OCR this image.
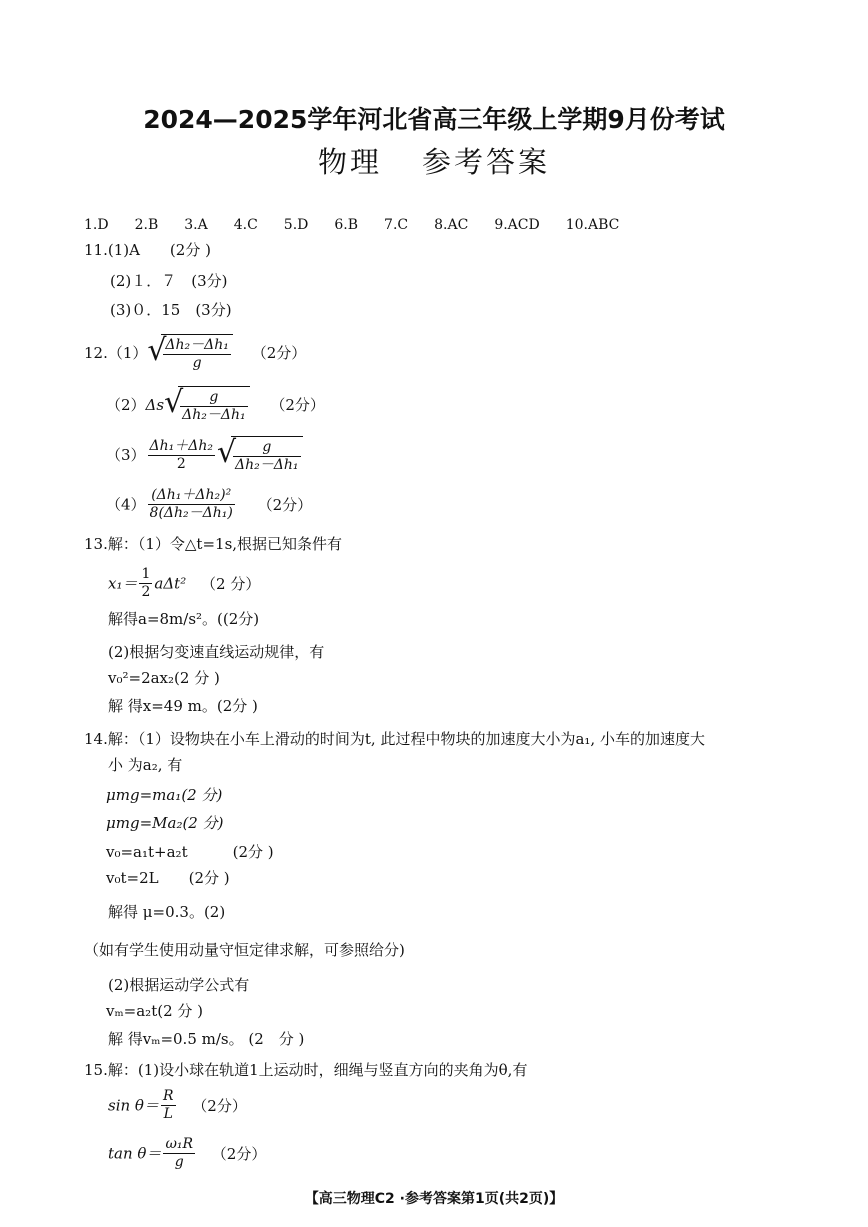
2024—2025学年河北省高三年级上学期9月份考试
物理 参考答案
1.D 2.B 3.A 4.C 5.D 6.B 7.C 8.AC 9.ACD 10.ABC
11.(1)A　　(2分 )
(2)１．７　(3分)
(3)０．15　(3分)
12.（1） √
$\frac{\text{Δh₂－Δh₁}}{g} (2$分）
（2）Δs √
$\frac{g}{\text{Δh₂－Δh₁}} (2$分）
$(3) \frac{\text{Δh₁＋Δh₂}}{2}$ √
$\frac{g}{\text{Δh₂－Δh₁}}$
$(4) \frac{\text{(Δh₁＋Δh₂)²}}{\text{8(Δh₂－Δh₁)}} (2$分）
13.解：（1）令△t=1s,根据已知条件有
$x_1= \frac{1}{2} a\Delta t^2$ （2 分）
解得a=8m/s²。((2分)
(2)根据匀变速直线运动规律，有
v₀²=2ax₂(2 分 )
解 得x=49 m。(2分 )
14.解：（1）设物块在小车上滑动的时间为t, 此过程中物块的加速度大小为a₁, 小车的加速度大
小 为a₂, 有
μmg=ma₁(2 分)
μmg=Ma₂(2 分)
v₀=a₁t+a₂t　　　(2分 )
v₀t=2L　　(2分 )
解得 μ=0.3。(2)
（如有学生使用动量守恒定律求解，可参照给分)
(2)根据运动学公式有
vₘ=a₂t(2 分 )
解 得vₘ=0.5 m/s。 (2　分 )
15.解：(1)设小球在轨道1上运动时，细绳与竖直方向的夹角为θ,有
$\sin \theta= \frac{R}{L} (2$分）
$\tan \theta= \frac{\text{ω₁R}}{g} (2$分）
【高三物理C2 ·参考答案第1页(共2页)】
